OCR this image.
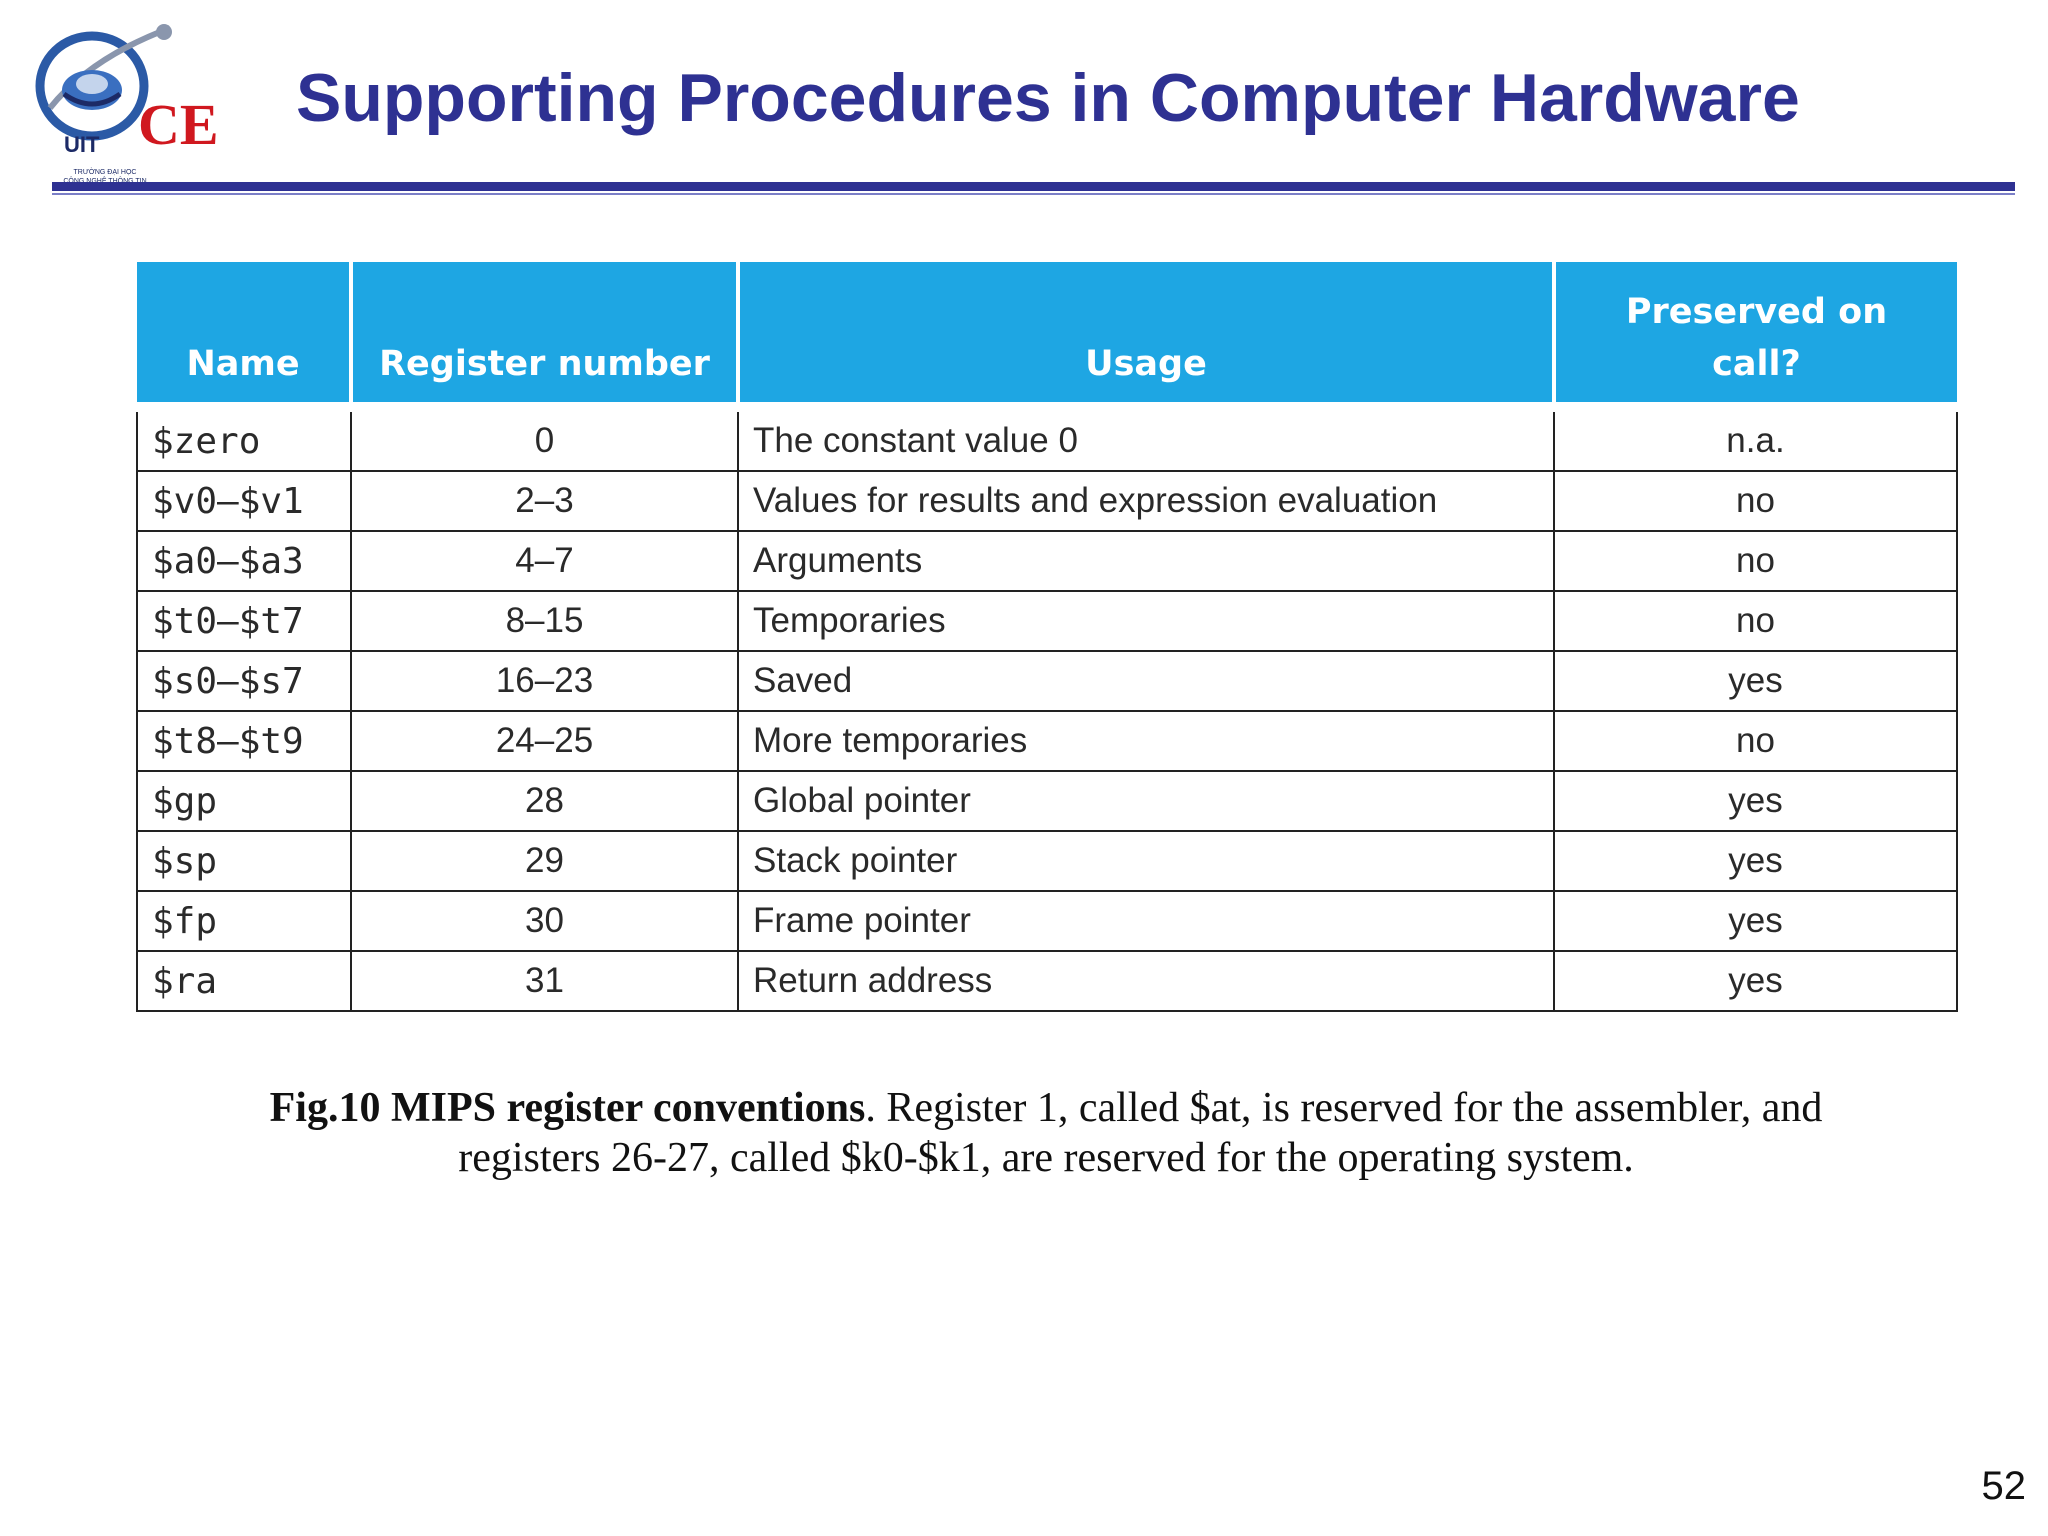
CE
UIT
TRƯỜNG ĐẠI HỌC
Supporting Procedures in Computer Hardware
Name	Register number	Usage	Preserved on call?
$zero	0	The constant value 0	n.a.
$v0–$v1	2–3	Values for results and expression evaluation	no
$a0–$a3	4–7	Arguments	no
$t0–$t7	8–15	Temporaries	no
$s0–$s7	16–23	Saved	yes
$t8–$t9	24–25	More temporaries	no
$gp	28	Global pointer	yes
$sp	29	Stack pointer	yes
$fp	30	Frame pointer	yes
$ra	31	Return address	yes
Fig.10 MIPS register conventions. Register 1, called $at, is reserved for the assembler, and registers 26-27, called $k0-$k1, are reserved for the operating system.
52
